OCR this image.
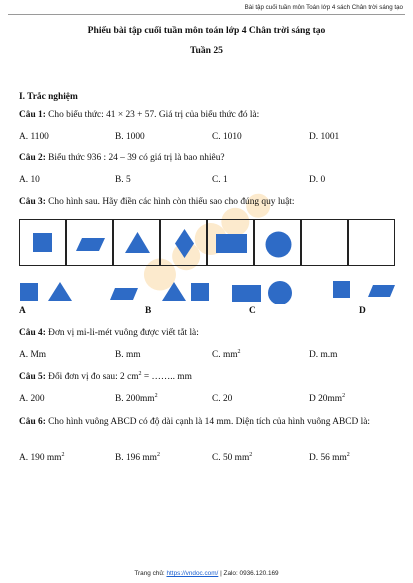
Bài tập cuối tuần môn Toán lớp 4 sách Chân trời sáng tạo
Phiếu bài tập cuối tuần môn toán lớp 4 Chân trời sáng tạo
Tuần 25
I. Trắc nghiệm
Câu 1: Cho biểu thức: 41 × 23 + 57. Giá trị của biểu thức đó là:
A. 1100	B. 1000	C. 1010	D. 1001
Câu 2: Biểu thức 936 : 24 – 39 có giá trị là bao nhiêu?
A. 10	B. 5	C. 1	D. 0
Câu 3: Cho hình sau. Hãy điền các hình còn thiếu sao cho đúng quy luật:
A	B	C	D
Câu 4: Đơn vị mi-li-mét vuông được viết tắt là:
A. Mm	B. mm	C. $mm^2$	D. m.m
Câu 5: Đổi đơn vị đo sau: 2 $cm^2$ = …….. mm
A. 200	B. $200mm^2$	C. 20	D $20mm^2$
Câu 6: Cho hình vuông ABCD có độ dài cạnh là 14 mm. Diện tích của hình vuông ABCD là:
A. 190 $mm^2$	B. 196 $mm^2$	C. 50 $mm^2$	D. 56 $mm^2$
Trang chủ: https://vndoc.com/ | Zalo: 0936.120.169
